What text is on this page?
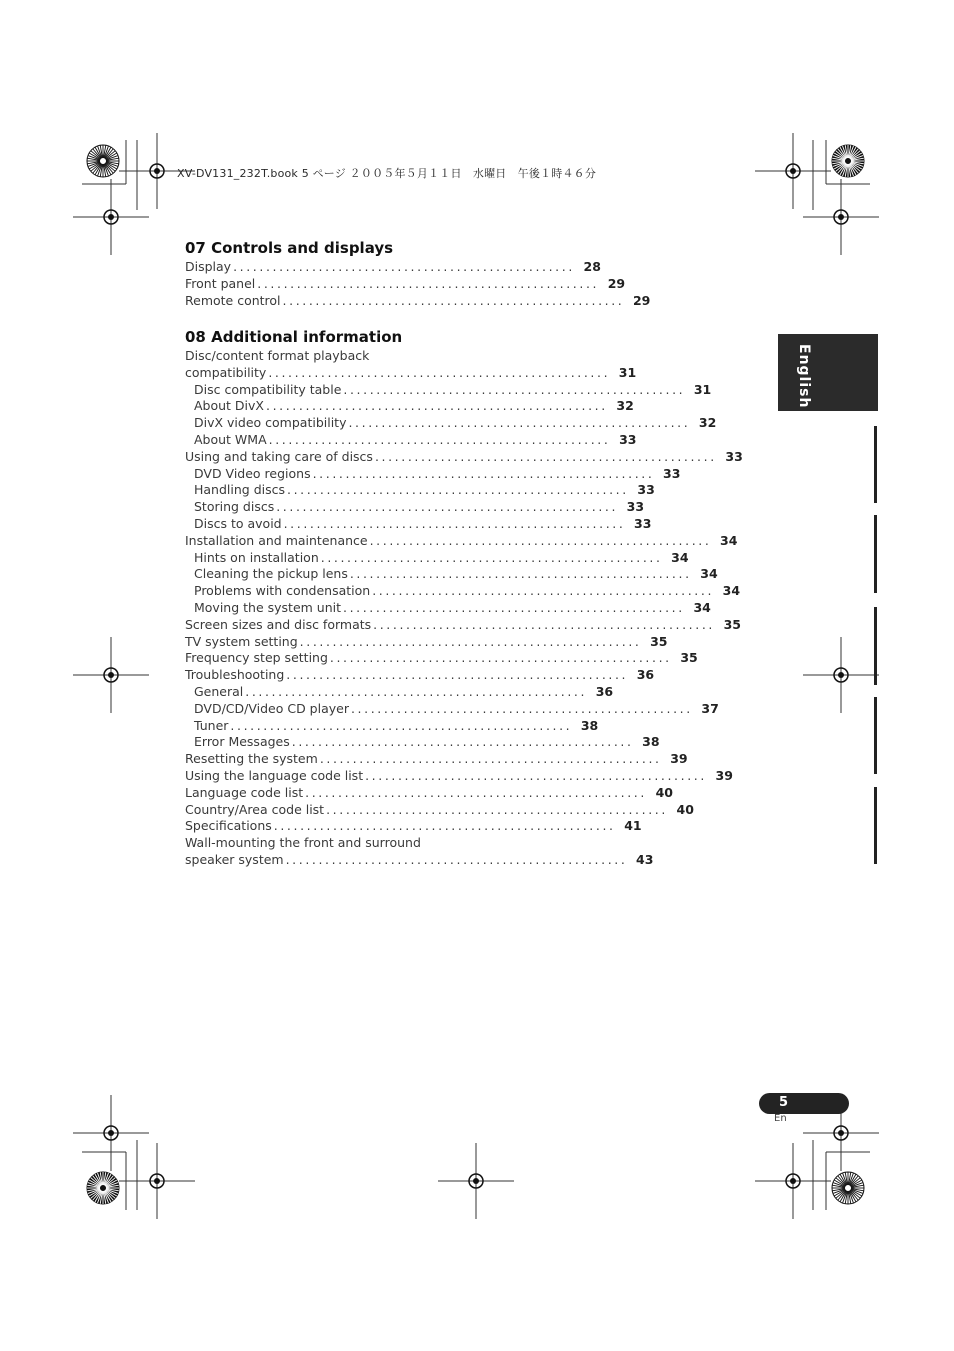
XV-DV131_232T.book 5 ページ ２００５年５月１１日　水曜日　午後１時４６分
07 Controls and displays
Display .................................................... 28
Front panel .................................................... 29
Remote control .................................................... 29
08 Additional information
Disc/content format playback
compatibility .................................................... 31
Disc compatibility table .................................................... 31
About DivX .................................................... 32
DivX video compatibility .................................................... 32
About WMA .................................................... 33
Using and taking care of discs .................................................... 33
DVD Video regions .................................................... 33
Handling discs .................................................... 33
Storing discs .................................................... 33
Discs to avoid .................................................... 33
Installation and maintenance .................................................... 34
Hints on installation .................................................... 34
Cleaning the pickup lens .................................................... 34
Problems with condensation .................................................... 34
Moving the system unit .................................................... 34
Screen sizes and disc formats .................................................... 35
TV system setting .................................................... 35
Frequency step setting .................................................... 35
Troubleshooting .................................................... 36
General .................................................... 36
DVD/CD/Video CD player .................................................... 37
Tuner .................................................... 38
Error Messages .................................................... 38
Resetting the system .................................................... 39
Using the language code list .................................................... 39
Language code list .................................................... 40
Country/Area code list .................................................... 40
Specifications .................................................... 41
Wall-mounting the front and surround
speaker system .................................................... 43
English
5
En
